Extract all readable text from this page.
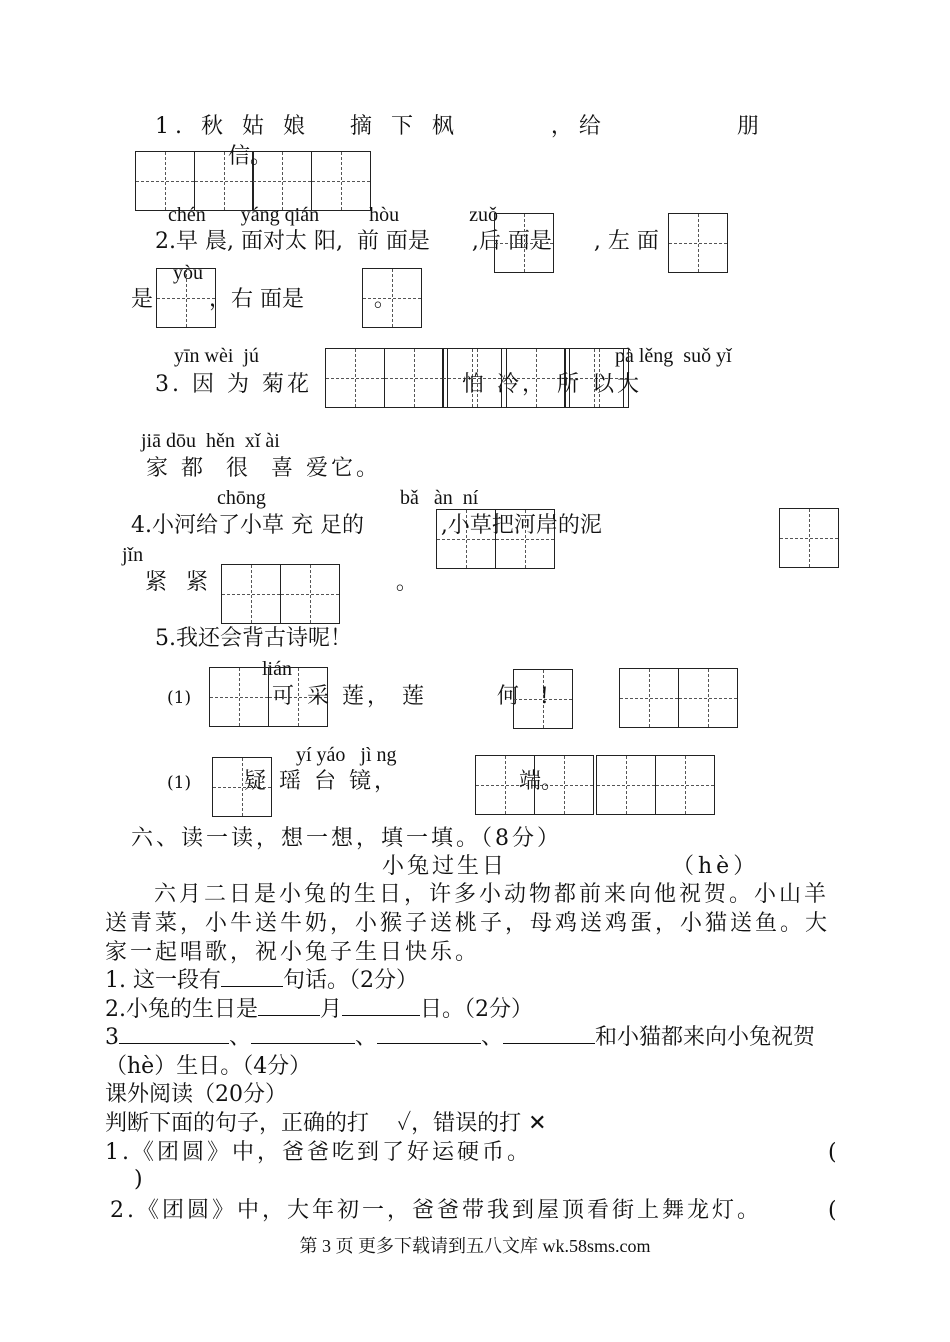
1. 秋 姑 娘   摘 下 枫       ，给          朋
信。
chén       yáng qián          hòu              zuǒ
2.早 晨, 面对太 阳,  前 面是      ,后 面是      , 左 面
yòu
是        ，右 面是          。
yīn wèi  jú	pà lěng  suǒ yǐ
3. 因 为 菊花	怕 冷， 所 以大
jiā dōu  hěn  xǐ ài
家 都  很  喜 爱它。
chōng	bǎ   àn  ní
4.小河给了小草 充 足的           ,小草把河岸的泥
jǐn
紧 紧              。
5.我还会背古诗呢！
lián
(1)	可 采 莲， 莲       何 !
yí yáo   jì ng
(1) 疑 瑶 台 镜，	端。
六、读一读，想一想，填一填。（8分）
小兔过生日	（hè）
六月二日是小兔的生日，许多小动物都前来向他祝贺。小山羊
送青菜，小牛送牛奶，小猴子送桃子，母鸡送鸡蛋，小猫送鱼。大
家一起唱歌，祝小兔子生日快乐。
1. 这一段有	句话。（2分）
2.小兔的生日是	月	日。（2分）
3	、	、	、	和小猫都来向小兔祝贺
（hè）生日。（4分）
课外阅读（20分）
判断下面的句子，正确的打    ✓，错误的打 ✕
1.《团圆》中，爸爸吃到了好运硬币。	(
)
2.《团圆》中，大年初一，爸爸带我到屋顶看街上舞龙灯。	(
第 3 页 更多下载请到五八文库 wk.58sms.com
